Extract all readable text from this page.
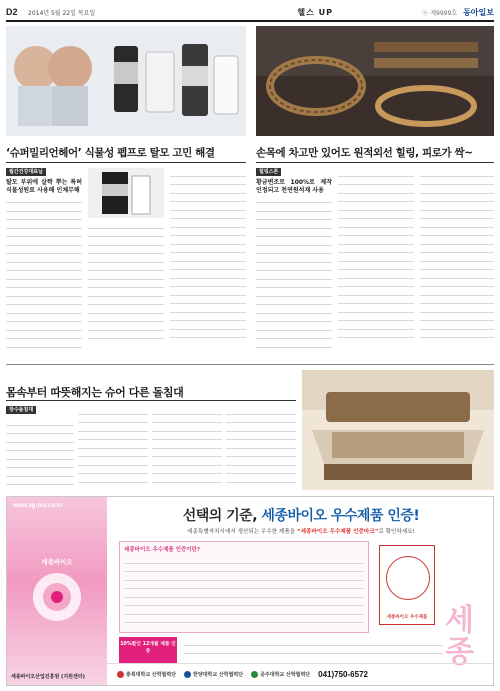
D2	2014년 5월 22일 목요일	헬스 UP	ⓐ 제9999호 동아일보
‘슈퍼밀리언헤어’ 식물성 펩프로 탈모 고민 해결	손목에 차고만 있어도 원적외선 힐링, 피로가 싹~
월간건강대표님
탈모 부위에 살짝 뿌는 특허 식물성원료 사용해 인체무해
힐링스톤
황금변조로 100%로 제작 인정되고 천연원석재 사용
몸속부터 따뜻해지는 슈어 다른 돌침대
장수돌침대
www.sg-bio.co.kr
세종바이오
세종바이오산업진흥원 (지원센터)
선택의 기준, 세종바이오 우수제품 인증!
세종특별자치시에서 생산되는 우수한 제품을 “세종바이오 우수제품 인증마크”로 확인하세요!
세종바이오 우수제품 인증이란?
세종바이오 우수제품 세종
10%할인 12개월 제품 인증
충북대학교 산학협력단	한양대학교 산학협력단	공주대학교 산학협력단 041)750-6572
